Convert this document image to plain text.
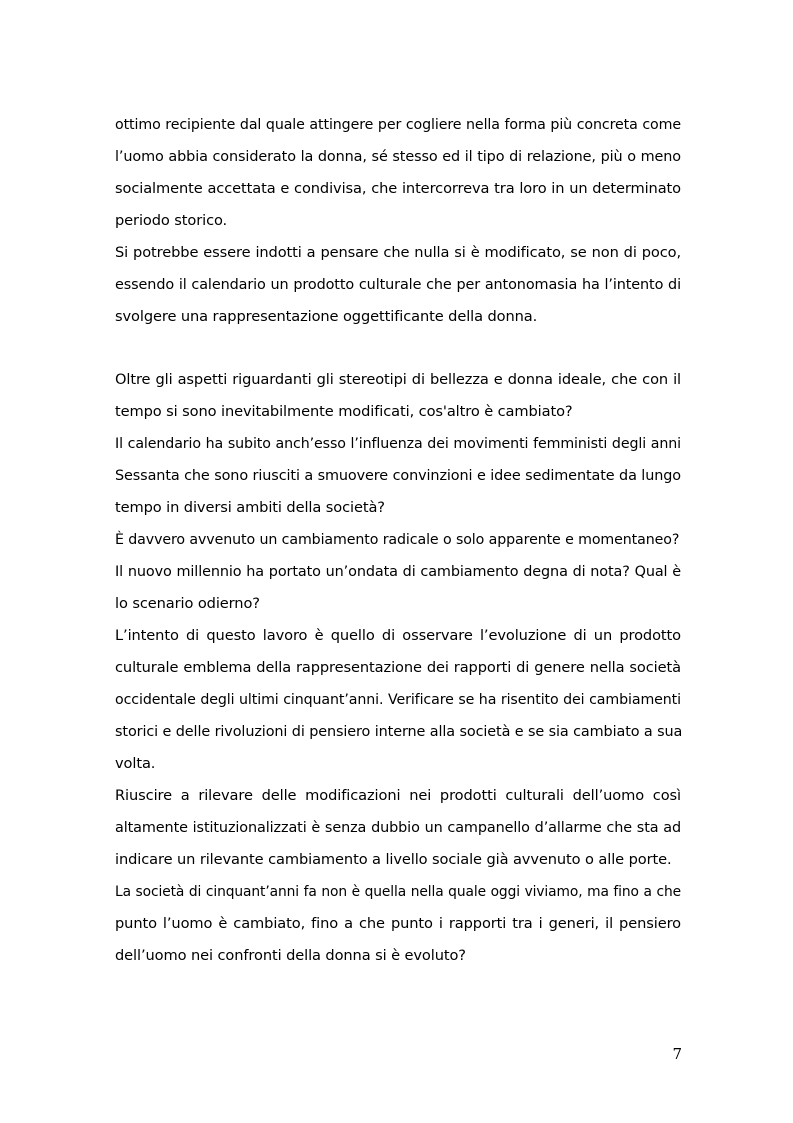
ottimo recipiente dal quale attingere per cogliere nella forma più concreta come
l’uomo abbia considerato la donna, sé stesso ed il tipo di relazione, più o meno
socialmente accettata e condivisa, che intercorreva tra loro in un determinato
periodo storico.
Si potrebbe essere indotti a pensare che nulla si è modificato, se non di poco,
essendo il calendario un prodotto culturale che per antonomasia ha l’intento di
svolgere una rappresentazione oggettificante della donna.
Oltre gli aspetti riguardanti gli stereotipi di bellezza e donna ideale, che con il
tempo si sono inevitabilmente modificati, cos'altro è cambiato?
Il calendario ha subito anch’esso l’influenza dei movimenti femministi degli anni
Sessanta che sono riusciti a smuovere convinzioni e idee sedimentate da lungo
tempo in diversi ambiti della società?
È davvero avvenuto un cambiamento radicale o solo apparente e momentaneo?
Il nuovo millennio ha portato un’ondata di cambiamento degna di nota? Qual è
lo scenario odierno?
L’intento di questo lavoro è quello di osservare l’evoluzione di un prodotto
culturale emblema della rappresentazione dei rapporti di genere nella società
occidentale degli ultimi cinquant’anni. Verificare se ha risentito dei cambiamenti
storici e delle rivoluzioni di pensiero interne alla società e se sia cambiato a sua
volta.
Riuscire a rilevare delle modificazioni nei prodotti culturali dell’uomo così
altamente istituzionalizzati è senza dubbio un campanello d’allarme che sta ad
indicare un rilevante cambiamento a livello sociale già avvenuto o alle porte.
La società di cinquant’anni fa non è quella nella quale oggi viviamo, ma fino a che
punto l’uomo è cambiato, fino a che punto i rapporti tra i generi, il pensiero
dell’uomo nei confronti della donna si è evoluto?
7
